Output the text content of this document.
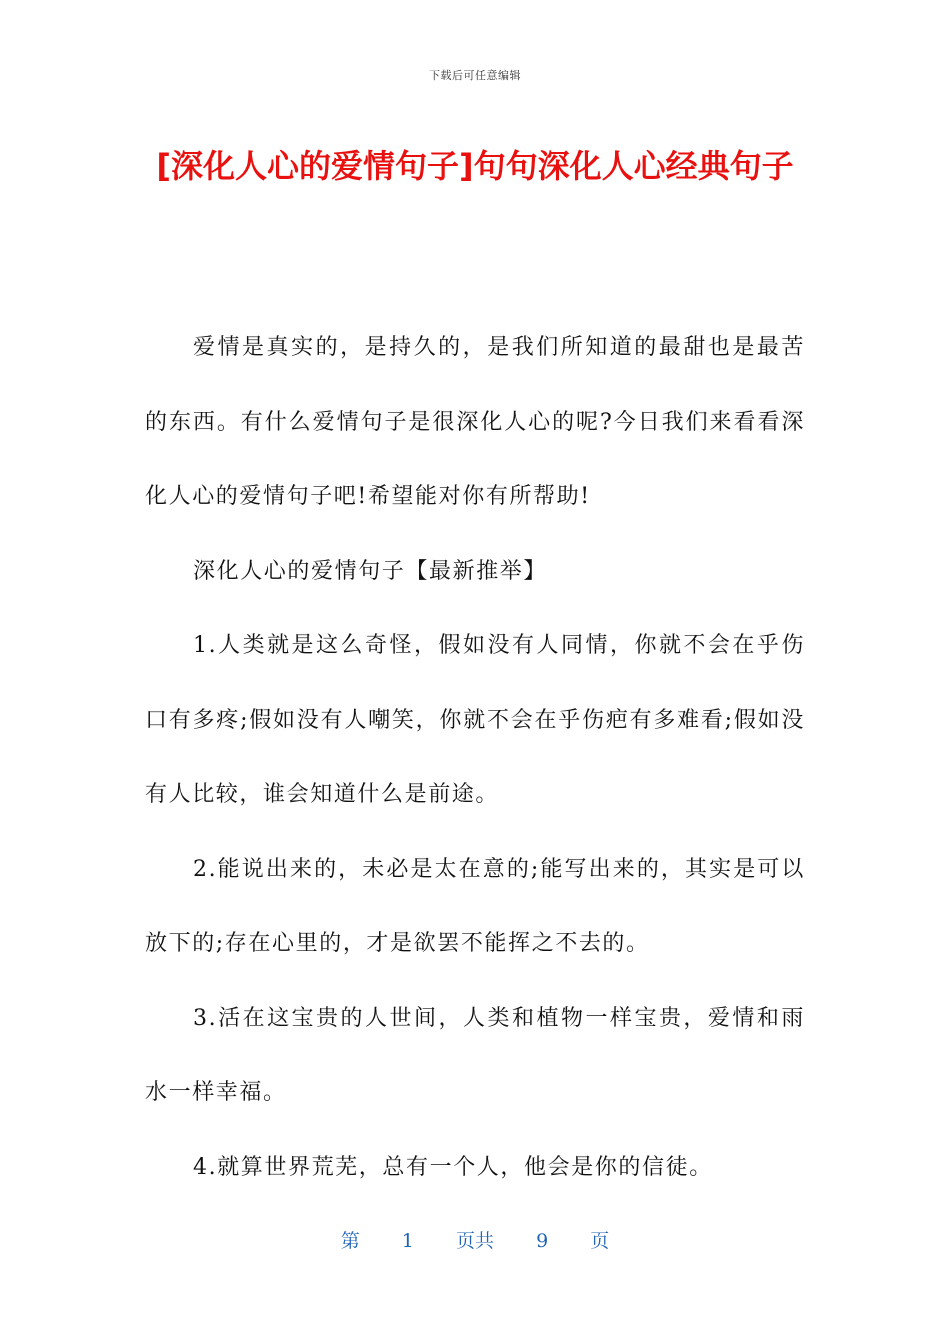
下载后可任意编辑
[深化人心的爱情句子]句句深化人心经典句子

爱情是真实的，是持久的，是我们所知道的最甜也是最苦的东西。有什么爱情句子是很深化人心的呢?今日我们来看看深化人心的爱情句子吧!希望能对你有所帮助!

深化人心的爱情句子【最新推举】

1.人类就是这么奇怪，假如没有人同情，你就不会在乎伤口有多疼;假如没有人嘲笑，你就不会在乎伤疤有多难看;假如没有人比较，谁会知道什么是前途。

2.能说出来的，未必是太在意的;能写出来的，其实是可以放下的;存在心里的，才是欲罢不能挥之不去的。

3.活在这宝贵的人世间，人类和植物一样宝贵，爱情和雨水一样幸福。

4.就算世界荒芜，总有一个人，他会是你的信徒。

第 1 页共 9 页
